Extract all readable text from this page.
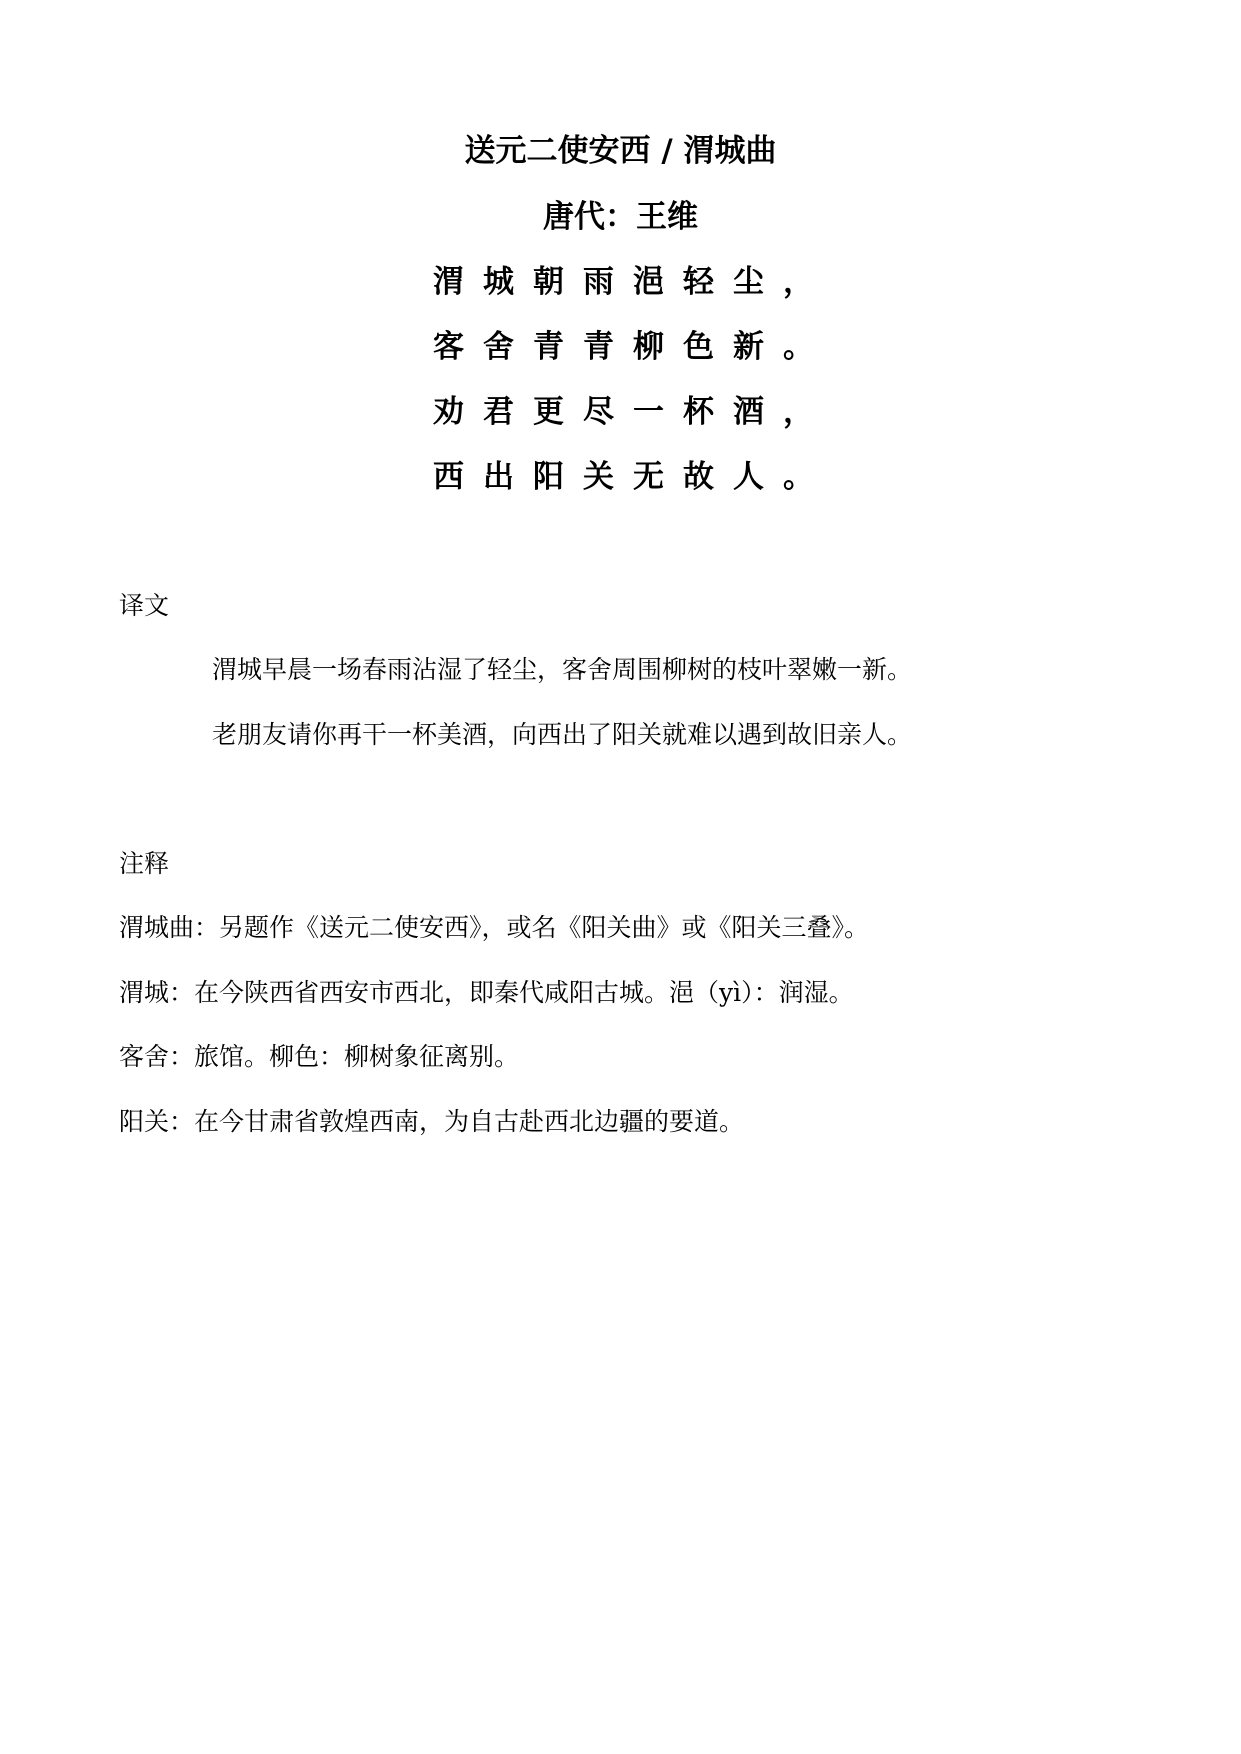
送元二使安西 / 渭城曲
唐代：王维
渭城朝雨浥轻尘，
客舍青青柳色新。
劝君更尽一杯酒，
西出阳关无故人。
译文
渭城早晨一场春雨沾湿了轻尘，客舍周围柳树的枝叶翠嫩一新。
老朋友请你再干一杯美酒，向西出了阳关就难以遇到故旧亲人。
注释
渭城曲：另题作《送元二使安西》，或名《阳关曲》或《阳关三叠》。
渭城：在今陕西省西安市西北，即秦代咸阳古城。浥（yì）：润湿。
客舍：旅馆。柳色：柳树象征离别。
阳关：在今甘肃省敦煌西南，为自古赴西北边疆的要道。
